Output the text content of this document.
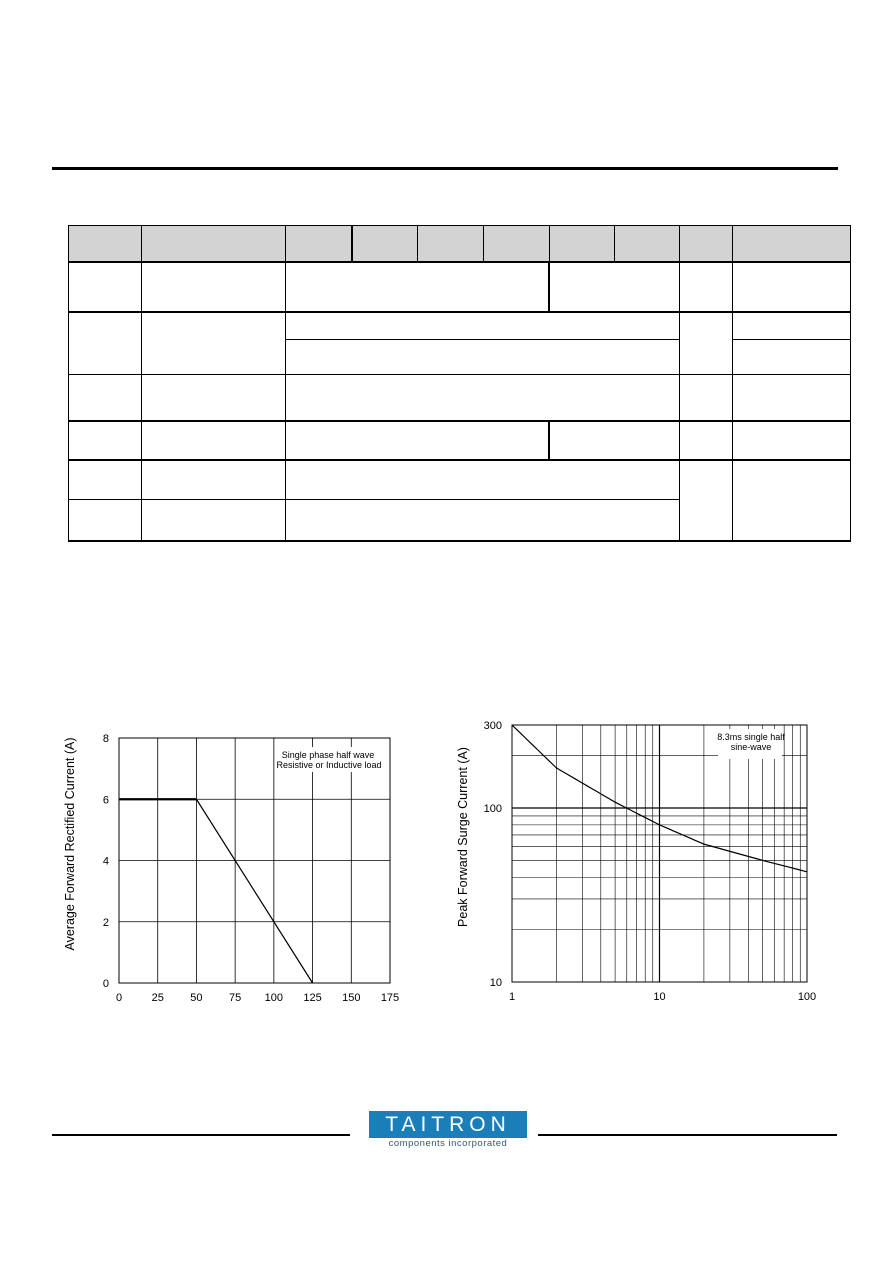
0	25 50 75 100 125 150 175
0
2
4
6
8
Average Forward Rectified Current (A)	Single phase half wave
Resistive or Inductive load
1	10	100
10
100
300
Peak Forward Surge Current (A)
8.3ms single half
sine-wave
TAITRON
components incorporated
